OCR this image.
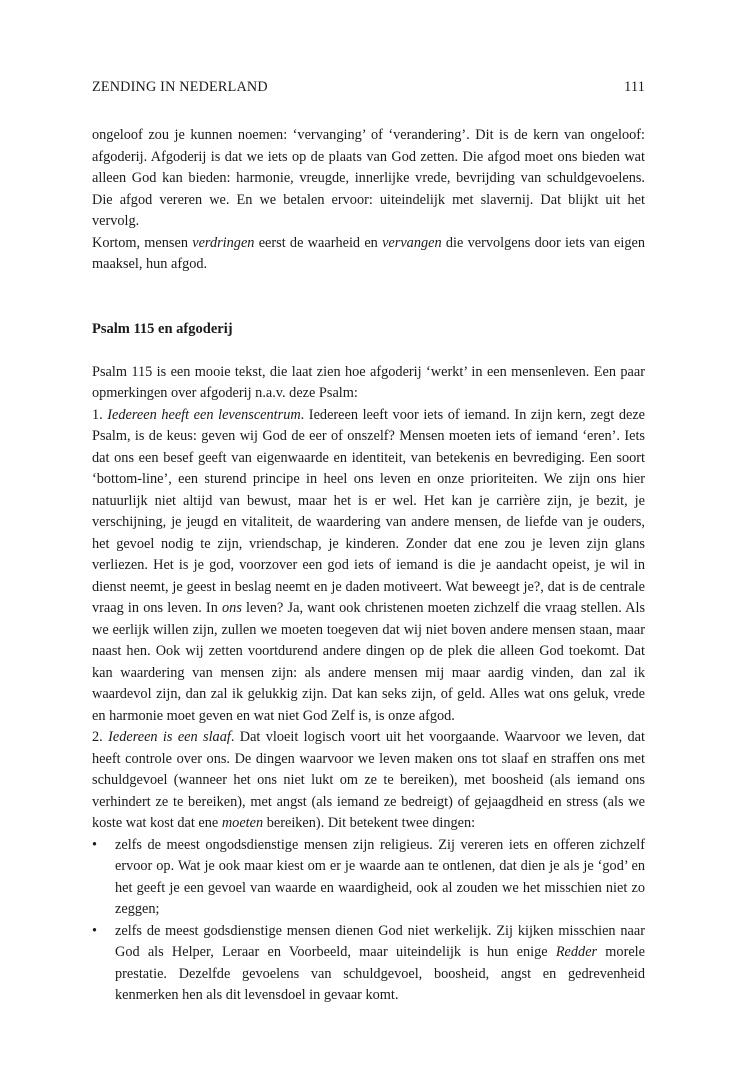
ZENDING IN NEDERLAND	111

ongeloof zou je kunnen noemen: ‘vervanging’ of ‘verandering’. Dit is de kern van ongeloof: afgoderij. Afgoderij is dat we iets op de plaats van God zetten. Die afgod moet ons bieden wat alleen God kan bieden: harmonie, vreugde, innerlijke vrede, bevrijding van schuldgevoelens. Die afgod vereren we. En we betalen ervoor: uiteindelijk met slavernij. Dat blijkt uit het vervolg.

Kortom, mensen verdringen eerst de waarheid en vervangen die vervolgens door iets van eigen maaksel, hun afgod.

Psalm 115 en afgoderij

Psalm 115 is een mooie tekst, die laat zien hoe afgoderij ‘werkt’ in een mensenleven. Een paar opmerkingen over afgoderij n.a.v. deze Psalm:

1. Iedereen heeft een levenscentrum. Iedereen leeft voor iets of iemand. In zijn kern, zegt deze Psalm, is de keus: geven wij God de eer of onszelf? Mensen moeten iets of iemand ‘eren’. Iets dat ons een besef geeft van eigenwaarde en identiteit, van betekenis en bevrediging. Een soort ‘bottom-line’, een sturend principe in heel ons leven en onze prioriteiten. We zijn ons hier natuurlijk niet altijd van bewust, maar het is er wel. Het kan je carrière zijn, je bezit, je verschijning, je jeugd en vitaliteit, de waardering van andere mensen, de liefde van je ouders, het gevoel nodig te zijn, vriendschap, je kinderen. Zonder dat ene zou je leven zijn glans verliezen. Het is je god, voorzover een god iets of iemand is die je aandacht opeist, je wil in dienst neemt, je geest in beslag neemt en je daden motiveert. Wat beweegt je?, dat is de centrale vraag in ons leven. In ons leven? Ja, want ook christenen moeten zichzelf die vraag stellen. Als we eerlijk willen zijn, zullen we moeten toegeven dat wij niet boven andere mensen staan, maar naast hen. Ook wij zetten voortdurend andere dingen op de plek die alleen God toekomt. Dat kan waardering van mensen zijn: als andere mensen mij maar aardig vinden, dan zal ik waardevol zijn, dan zal ik gelukkig zijn. Dat kan seks zijn, of geld. Alles wat ons geluk, vrede en harmonie moet geven en wat niet God Zelf is, is onze afgod.

2. Iedereen is een slaaf. Dat vloeit logisch voort uit het voorgaande. Waarvoor we leven, dat heeft controle over ons. De dingen waarvoor we leven maken ons tot slaaf en straffen ons met schuldgevoel (wanneer het ons niet lukt om ze te bereiken), met boosheid (als iemand ons verhindert ze te bereiken), met angst (als iemand ze bedreigt) of gejaagdheid en stress (als we koste wat kost dat ene moeten bereiken). Dit betekent twee dingen:

• zelfs de meest ongodsdienstige mensen zijn religieus. Zij vereren iets en offeren zichzelf ervoor op. Wat je ook maar kiest om er je waarde aan te ontlenen, dat dien je als je ‘god’ en het geeft je een gevoel van waarde en waardigheid, ook al zouden we het misschien niet zo zeggen;
• zelfs de meest godsdienstige mensen dienen God niet werkelijk. Zij kijken misschien naar God als Helper, Leraar en Voorbeeld, maar uiteindelijk is hun enige Redder morele prestatie. Dezelfde gevoelens van schuldgevoel, boosheid, angst en gedrevenheid kenmerken hen als dit levensdoel in gevaar komt.
